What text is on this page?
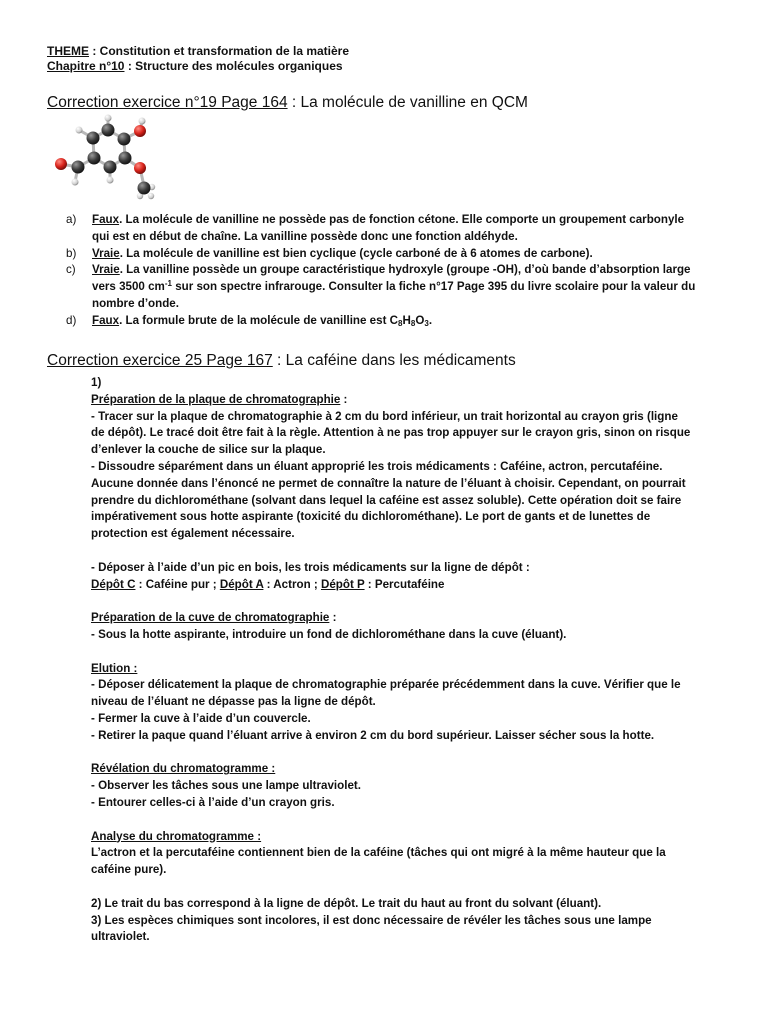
THEME : Constitution et transformation de la matière
Chapitre n°10 : Structure des molécules organiques
Correction exercice n°19 Page 164 : La molécule de vanilline en QCM
a) Faux. La molécule de vanilline ne possède pas de fonction cétone. Elle comporte un groupement carbonyle
qui est en début de chaîne. La vanilline possède donc une fonction aldéhyde.
b) Vraie. La molécule de vanilline est bien cyclique (cycle carboné de à 6 atomes de carbone).
c) Vraie. La vanilline possède un groupe caractéristique hydroxyle (groupe -OH), d’où bande d’absorption large
vers 3500 $cm^{-1}$ sur son spectre infrarouge. Consulter la fiche n°17 Page 395 du livre scolaire pour la valeur du
nombre d’onde.
d) Faux. La formule brute de la molécule de vanilline est $C_8H_8O_3$.
Correction exercice 25 Page 167 : La caféine dans les médicaments
1)
Préparation de la plaque de chromatographie :
- Tracer sur la plaque de chromatographie à 2 cm du bord inférieur, un trait horizontal au crayon gris (ligne
de dépôt). Le tracé doit être fait à la règle. Attention à ne pas trop appuyer sur le crayon gris, sinon on risque
d’enlever la couche de silice sur la plaque.
- Dissoudre séparément dans un éluant approprié les trois médicaments : Caféine, actron, percutaféine.
Aucune donnée dans l’énoncé ne permet de connaître la nature de l’éluant à choisir. Cependant, on pourrait
prendre du dichlorométhane (solvant dans lequel la caféine est assez soluble). Cette opération doit se faire
impérativement sous hotte aspirante (toxicité du dichlorométhane). Le port de gants et de lunettes de
protection est également nécessaire.
- Déposer à l’aide d’un pic en bois, les trois médicaments sur la ligne de dépôt :
Dépôt C : Caféine pur ; Dépôt A : Actron ; Dépôt P : Percutaféine
Préparation de la cuve de chromatographie :
- Sous la hotte aspirante, introduire un fond de dichlorométhane dans la cuve (éluant).
Elution :
- Déposer délicatement la plaque de chromatographie préparée précédemment dans la cuve. Vérifier que le
niveau de l’éluant ne dépasse pas la ligne de dépôt.
- Fermer la cuve à l’aide d’un couvercle.
- Retirer la paque quand l’éluant arrive à environ 2 cm du bord supérieur. Laisser sécher sous la hotte.
Révélation du chromatogramme :
- Observer les tâches sous une lampe ultraviolet.
- Entourer celles-ci à l’aide d’un crayon gris.
Analyse du chromatogramme :
L’actron et la percutaféine contiennent bien de la caféine (tâches qui ont migré à la même hauteur que la
caféine pure).
2) Le trait du bas correspond à la ligne de dépôt. Le trait du haut au front du solvant (éluant).
3) Les espèces chimiques sont incolores, il est donc nécessaire de révéler les tâches sous une lampe
ultraviolet.
